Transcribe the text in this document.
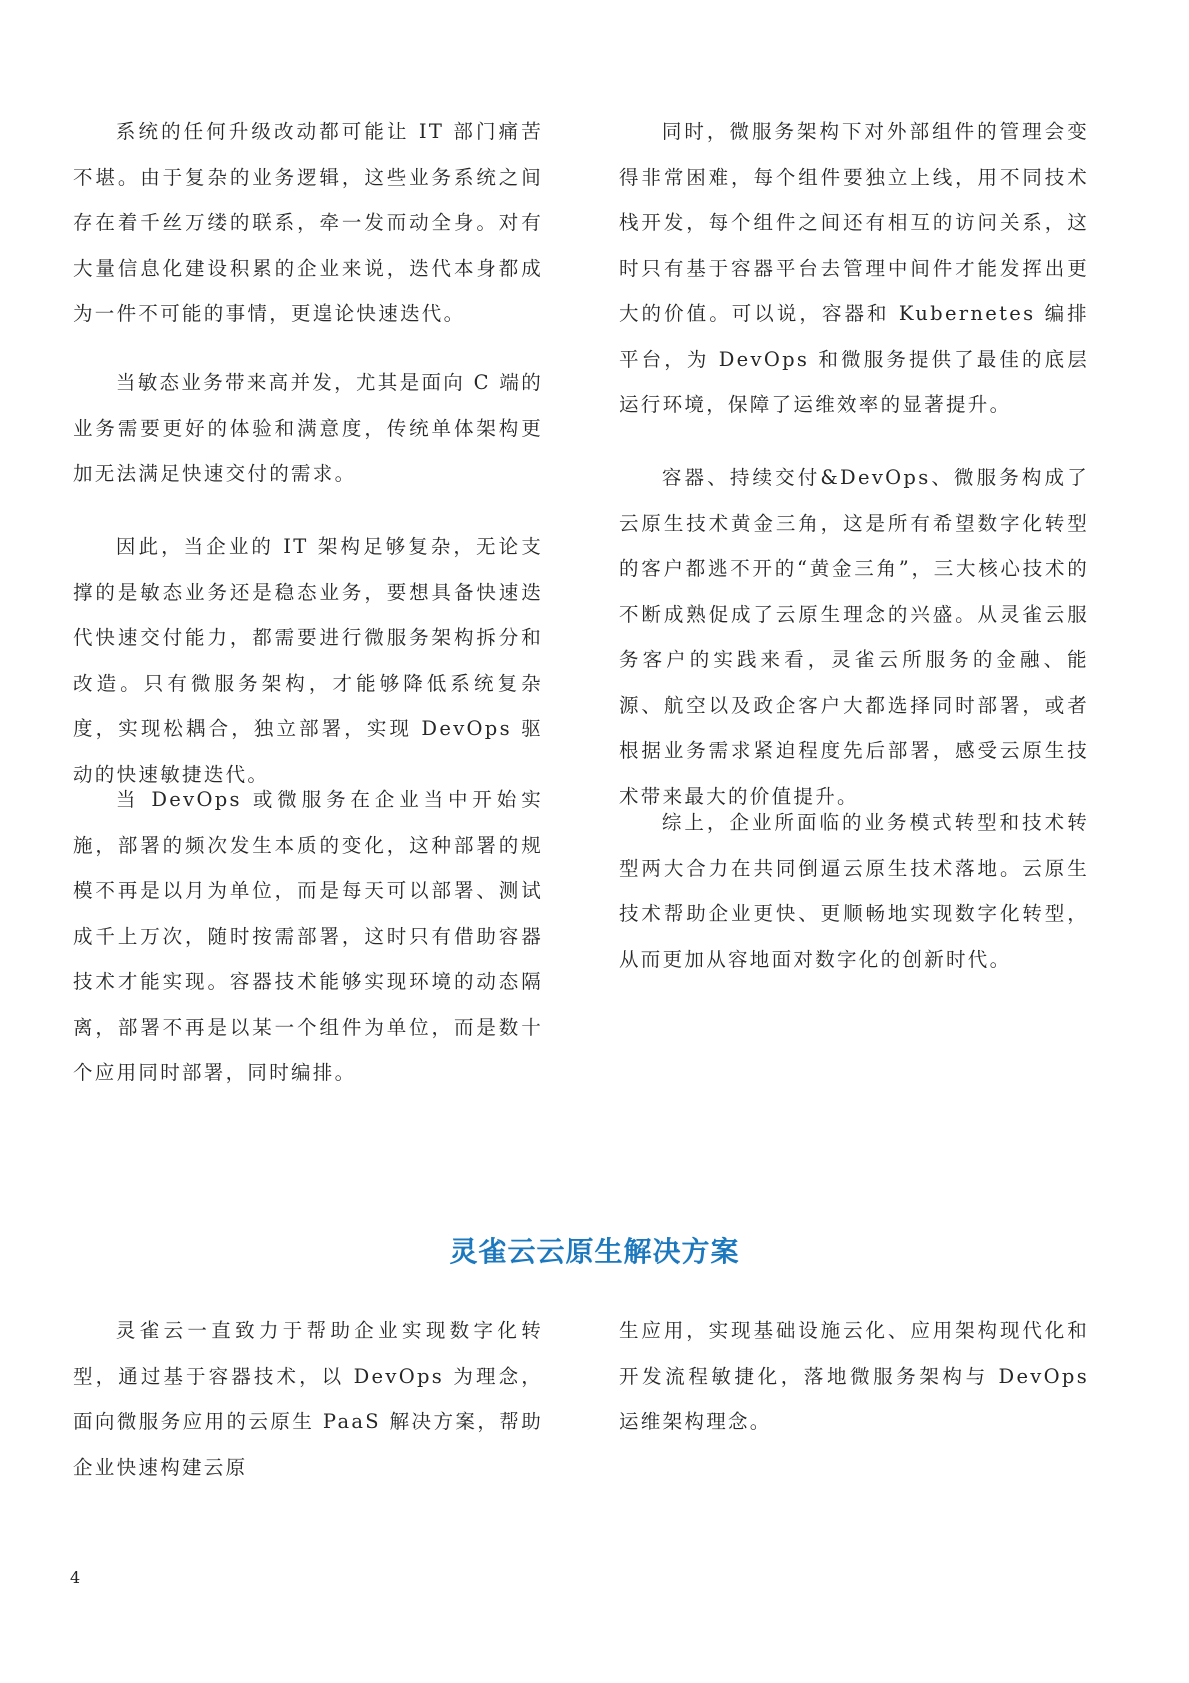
系统的任何升级改动都可能让 IT 部门痛苦不堪。由于复杂的业务逻辑，这些业务系统之间存在着千丝万缕的联系，牵一发而动全身。对有大量信息化建设积累的企业来说，迭代本身都成为一件不可能的事情，更遑论快速迭代。

当敏态业务带来高并发，尤其是面向 C 端的业务需要更好的体验和满意度，传统单体架构更加无法满足快速交付的需求。

因此，当企业的 IT 架构足够复杂，无论支撑的是敏态业务还是稳态业务，要想具备快速迭代快速交付能力，都需要进行微服务架构拆分和改造。只有微服务架构，才能够降低系统复杂度，实现松耦合，独立部署，实现 DevOps 驱动的快速敏捷迭代。

当 DevOps 或微服务在企业当中开始实施，部署的频次发生本质的变化，这种部署的规模不再是以月为单位，而是每天可以部署、测试成千上万次，随时按需部署，这时只有借助容器技术才能实现。容器技术能够实现环境的动态隔离，部署不再是以某一个组件为单位，而是数十个应用同时部署，同时编排。

同时，微服务架构下对外部组件的管理会变得非常困难，每个组件要独立上线，用不同技术栈开发，每个组件之间还有相互的访问关系，这时只有基于容器平台去管理中间件才能发挥出更大的价值。可以说，容器和 Kubernetes 编排平台，为 DevOps 和微服务提供了最佳的底层运行环境，保障了运维效率的显著提升。

容器、持续交付&DevOps、微服务构成了云原生技术黄金三角，这是所有希望数字化转型的客户都逃不开的“黄金三角”，三大核心技术的不断成熟促成了云原生理念的兴盛。从灵雀云服务客户的实践来看，灵雀云所服务的金融、能源、航空以及政企客户大都选择同时部署，或者根据业务需求紧迫程度先后部署，感受云原生技术带来最大的价值提升。

综上，企业所面临的业务模式转型和技术转型两大合力在共同倒逼云原生技术落地。云原生技术帮助企业更快、更顺畅地实现数字化转型，从而更加从容地面对数字化的创新时代。

灵雀云云原生解决方案

灵雀云一直致力于帮助企业实现数字化转型，通过基于容器技术，以 DevOps 为理念，面向微服务应用的云原生 PaaS 解决方案，帮助企业快速构建云原

生应用，实现基础设施云化、应用架构现代化和开发流程敏捷化，落地微服务架构与 DevOps 运维架构理念。

4
